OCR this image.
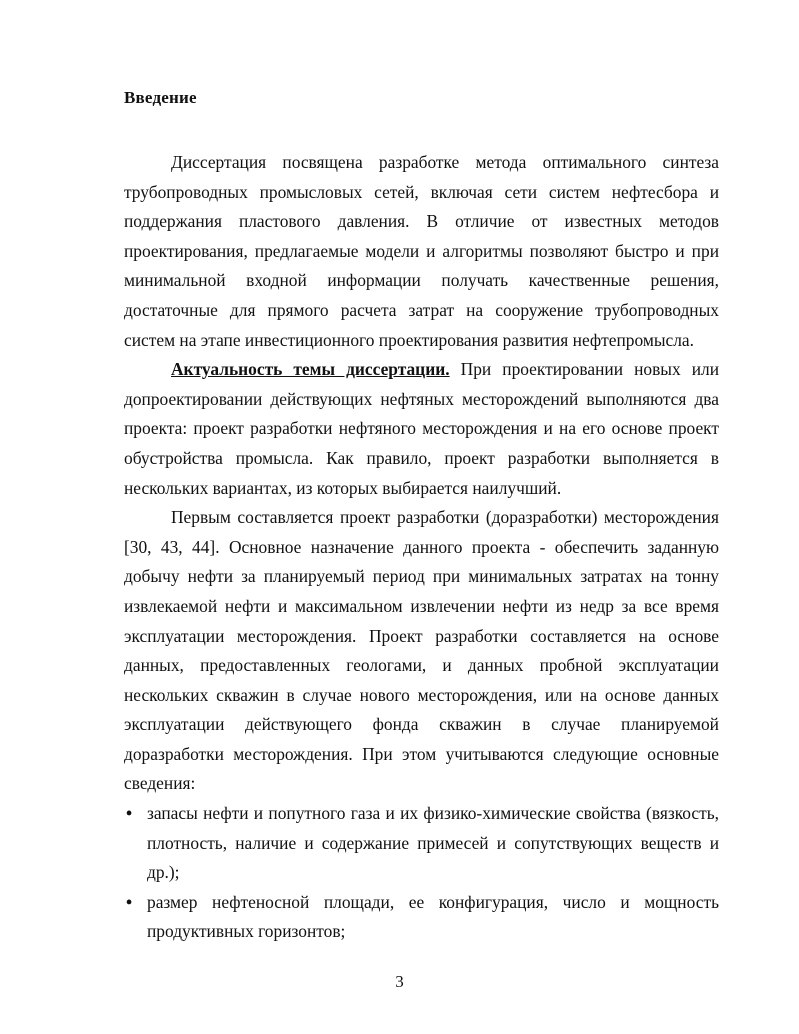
Введение

Диссертация посвящена разработке метода оптимального синтеза трубопроводных промысловых сетей, включая сети систем нефтесбора и поддержания пластового давления. В отличие от известных методов проектирования, предлагаемые модели и алгоритмы позволяют быстро и при минимальной входной информации получать качественные решения, достаточные для прямого расчета затрат на сооружение трубопроводных систем на этапе инвестиционного проектирования развития нефтепромысла.

Актуальность темы диссертации. При проектировании новых или допроектировании действующих нефтяных месторождений выполняются два проекта: проект разработки нефтяного месторождения и на его основе проект обустройства промысла. Как правило, проект разработки выполняется в нескольких вариантах, из которых выбирается наилучший.

Первым составляется проект разработки (доразработки) месторождения [30, 43, 44]. Основное назначение данного проекта - обеспечить заданную добычу нефти за планируемый период при минимальных затратах на тонну извлекаемой нефти и максимальном извлечении нефти из недр за все время эксплуатации месторождения. Проект разработки составляется на основе данных, предоставленных геологами, и данных пробной эксплуатации нескольких скважин в случае нового месторождения, или на основе данных эксплуатации действующего фонда скважин в случае планируемой доразработки месторождения. При этом учитываются следующие основные сведения:

• запасы нефти и попутного газа и их физико-химические свойства (вязкость, плотность, наличие и содержание примесей и сопутствующих веществ и др.);
• размер нефтеносной площади, ее конфигурация, число и мощность продуктивных горизонтов;
3
